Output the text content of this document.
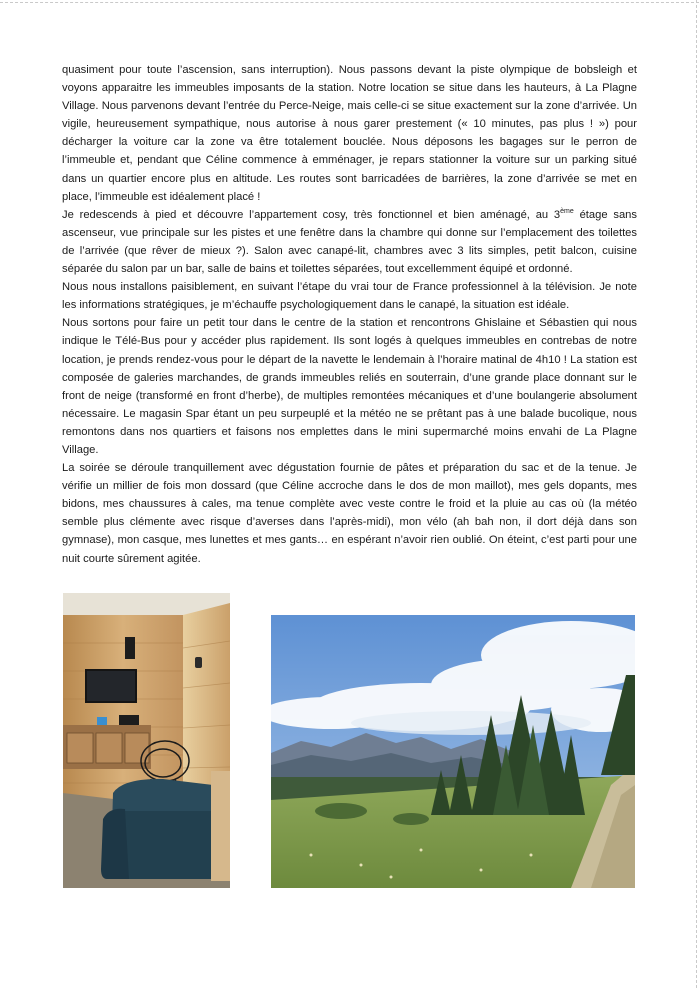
quasiment pour toute l’ascension, sans interruption). Nous passons devant la piste olympique de bobsleigh et voyons apparaitre les immeubles imposants de la station. Notre location se situe dans les hauteurs, à La Plagne Village. Nous parvenons devant l’entrée du Perce-Neige, mais celle-ci se situe exactement sur la zone d’arrivée. Un vigile, heureusement sympathique, nous autorise à nous garer prestement (« 10 minutes, pas plus ! ») pour décharger la voiture car la zone va être totalement bouclée. Nous déposons les bagages sur le perron de l’immeuble et, pendant que Céline commence à emménager, je repars stationner la voiture sur un parking situé dans un quartier encore plus en altitude. Les routes sont barricadées de barrières, la zone d’arrivée se met en place, l’immeuble est idéalement placé !

Je redescends à pied et découvre l’appartement cosy, très fonctionnel et bien aménagé, au 3ème étage sans ascenseur, vue principale sur les pistes et une fenêtre dans la chambre qui donne sur l’emplacement des toilettes de l’arrivée (que rêver de mieux ?). Salon avec canapé-lit, chambres avec 3 lits simples, petit balcon, cuisine séparée du salon par un bar, salle de bains et toilettes séparées, tout excellemment équipé et ordonné.

Nous nous installons paisiblement, en suivant l’étape du vrai tour de France professionnel à la télévision. Je note les informations stratégiques, je m’échauffe psychologiquement dans le canapé, la situation est idéale.

Nous sortons pour faire un petit tour dans le centre de la station et rencontrons Ghislaine et Sébastien qui nous indique le Télé-Bus pour y accéder plus rapidement. Ils sont logés à quelques immeubles en contrebas de notre location, je prends rendez-vous pour le départ de la navette le lendemain à l’horaire matinal de 4h10 ! La station est composée de galeries marchandes, de grands immeubles reliés en souterrain, d’une grande place donnant sur le front de neige (transformé en front d’herbe), de multiples remontées mécaniques et d’une boulangerie absolument nécessaire. Le magasin Spar étant un peu surpeuplé et la météo ne se prêtant pas à une balade bucolique, nous remontons dans nos quartiers et faisons nos emplettes dans le mini supermarché moins envahi de La Plagne Village.

La soirée se déroule tranquillement avec dégustation fournie de pâtes et préparation du sac et de la tenue. Je vérifie un millier de fois mon dossard (que Céline accroche dans le dos de mon maillot), mes gels dopants, mes bidons, mes chaussures à cales, ma tenue complète avec veste contre le froid et la pluie au cas où (la météo semble plus clémente avec risque d’averses dans l’après-midi), mon vélo (ah bah non, il dort déjà dans son gymnase), mon casque, mes lunettes et mes gants… en espérant n’avoir rien oublié. On éteint, c’est parti pour une nuit courte sûrement agitée.
